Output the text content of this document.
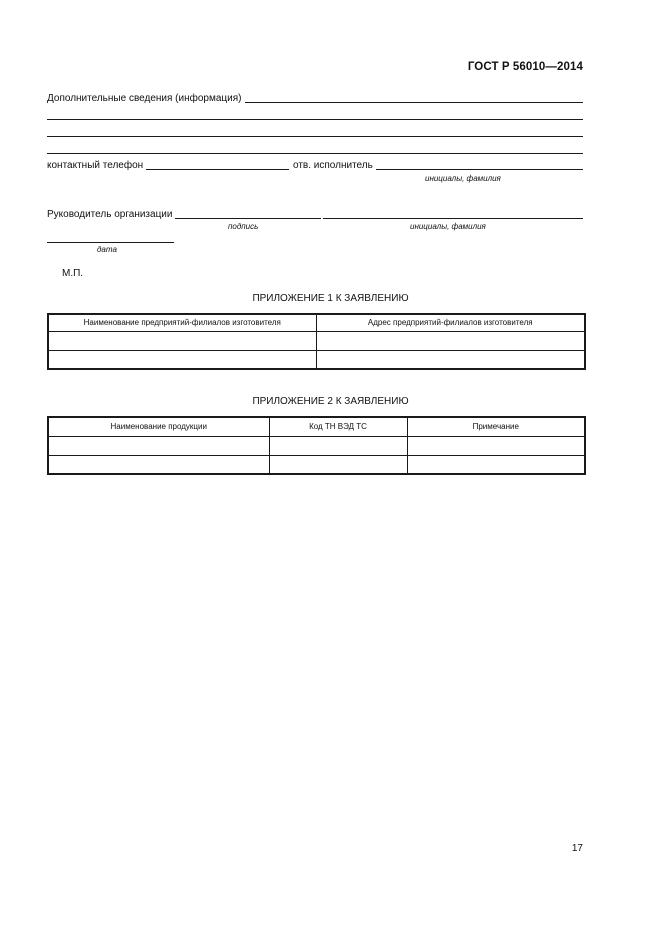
ГОСТ Р 56010—2014
Дополнительные сведения (информация)
контактный телефон	отв. исполнитель
инициалы, фамилия
Руководитель организации
подпись	инициалы, фамилия
дата
М.П.
ПРИЛОЖЕНИЕ 1 К ЗАЯВЛЕНИЮ
Наименование предприятий-филиалов изготовителя	Адрес предприятий-филиалов изготовителя

ПРИЛОЖЕНИЕ 2 К ЗАЯВЛЕНИЮ
Наименование продукции	Код ТН ВЭД ТС	Примечание

17
